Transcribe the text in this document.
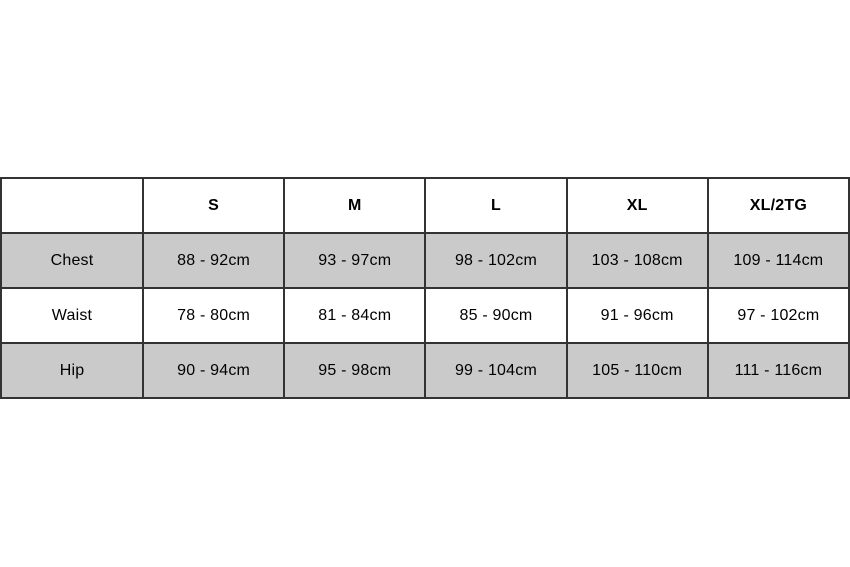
	S	M	L	XL	XL/2TG
Chest	88 - 92cm	93 - 97cm	98 - 102cm	103 - 108cm	109 - 114cm
Waist	78 - 80cm	81 - 84cm	85 - 90cm	91 - 96cm	97 - 102cm
Hip	90 - 94cm	95 - 98cm	99 - 104cm	105 - 110cm	111 - 116cm
